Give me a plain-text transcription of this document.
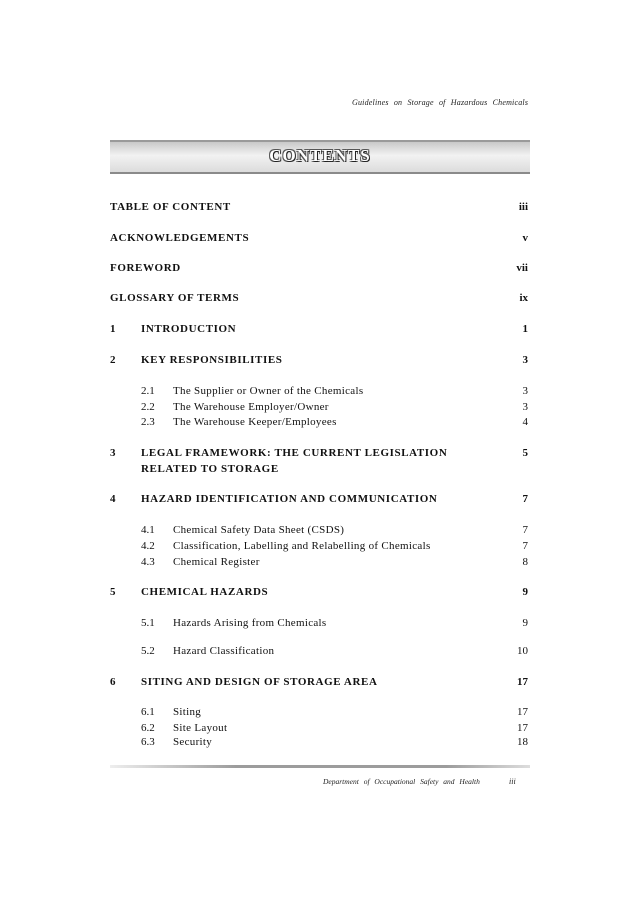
Guidelines on Storage of Hazardous Chemicals
CONTENTS
TABLE OF CONTENT	iii
ACKNOWLEDGEMENTS	v
FOREWORD	vii
GLOSSARY OF TERMS	ix
1 INTRODUCTION	1
2 KEY RESPONSIBILITIES	3
2.1 The Supplier or Owner of the Chemicals	3
2.2 The Warehouse Employer/Owner	3
2.3 The Warehouse Keeper/Employees	4
3 LEGAL FRAMEWORK: THE CURRENT LEGISLATION	5
RELATED TO STORAGE
4 HAZARD IDENTIFICATION AND COMMUNICATION	7
4.1 Chemical Safety Data Sheet (CSDS)	7
4.2 Classification, Labelling and Relabelling of Chemicals	7
4.3 Chemical Register	8
5 CHEMICAL HAZARDS	9
5.1 Hazards Arising from Chemicals	9
5.2 Hazard Classification	10
6 SITING AND DESIGN OF STORAGE AREA	17
6.1 Siting	17
6.2 Site Layout	17
6.3 Security	18
Department of Occupational Safety and Health	iii
